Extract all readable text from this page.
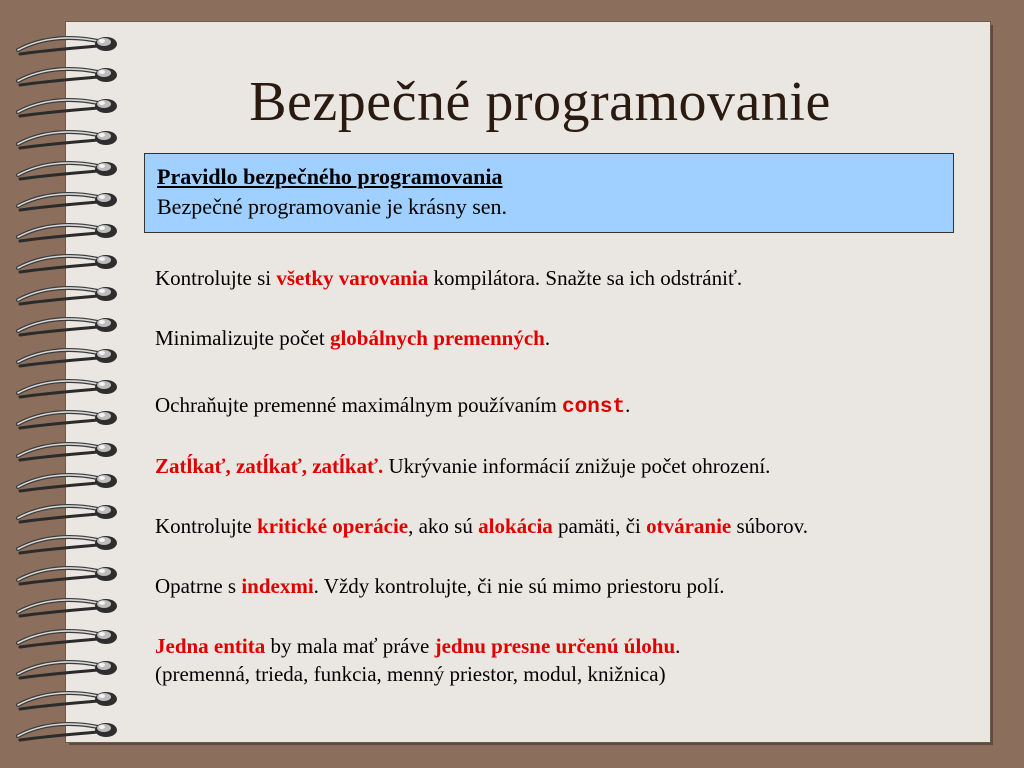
Bezpečné programovanie
Pravidlo bezpečného programovania
Bezpečné programovanie je krásny sen.
Kontrolujte si všetky varovania kompilátora. Snažte sa ich odstrániť.
Minimalizujte počet globálnych premenných.
Ochraňujte premenné maximálnym používaním const.
Zatĺkať, zatĺkať, zatĺkať. Ukrývanie informácií znižuje počet ohrození.
Kontrolujte kritické operácie, ako sú alokácia pamäti, či otváranie súborov.
Opatrne s indexmi. Vždy kontrolujte, či nie sú mimo priestoru polí.
Jedna entita by mala mať práve jednu presne určenú úlohu.
(premenná, trieda, funkcia, menný priestor, modul, knižnica)
